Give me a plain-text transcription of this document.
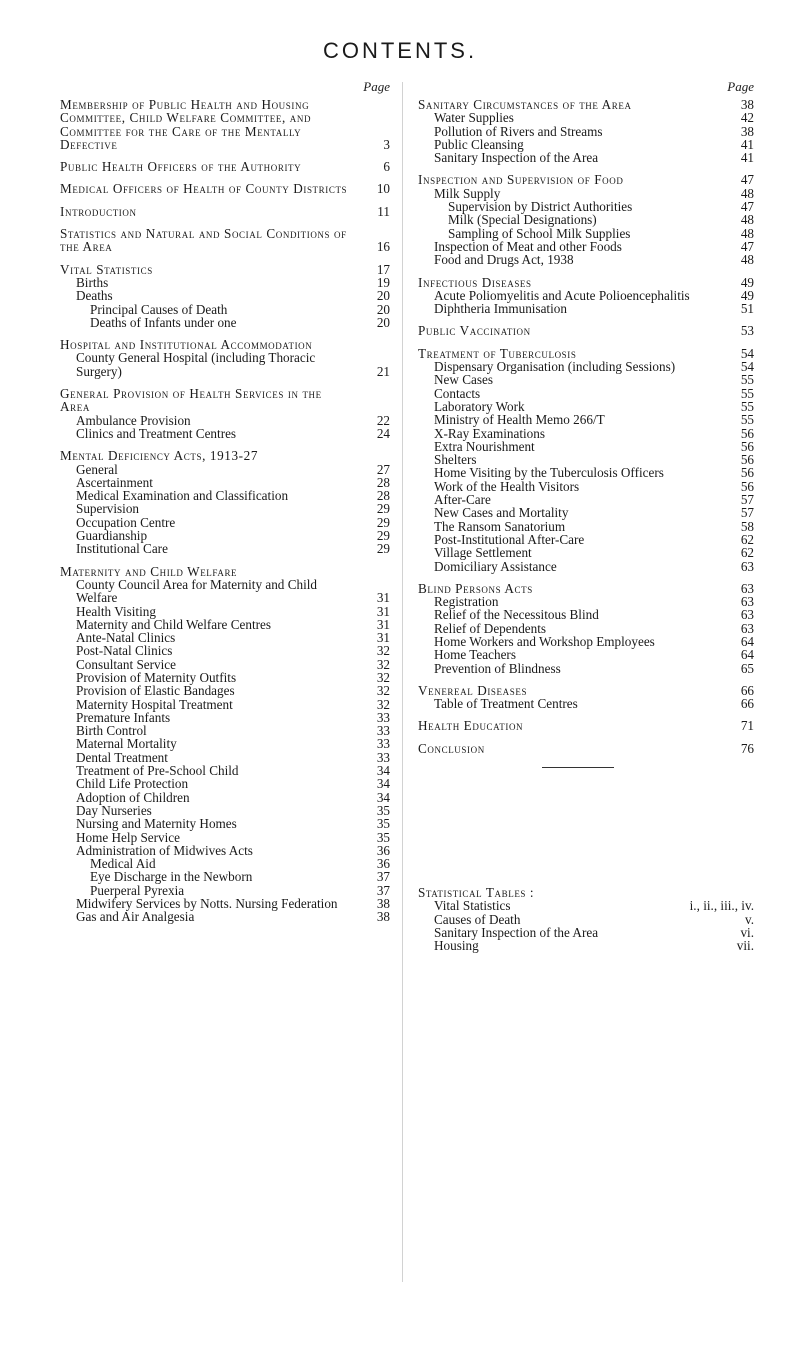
CONTENTS.
Page
Membership of Public Health and Housing Committee, Child Welfare Committee, and Committee for the Care of the Mentally Defective	3
Public Health Officers of the Authority	6
Medical Officers of Health of County Districts	10
Introduction	11
Statistics and Natural and Social Conditions of the Area	16
Vital Statistics	17
Births	19
Deaths	20
Principal Causes of Death	20
Deaths of Infants under one	20
Hospital and Institutional Accommodation
County General Hospital (including Thoracic Surgery)	21
General Provision of Health Services in the Area
Ambulance Provision	22
Clinics and Treatment Centres	24
Mental Deficiency Acts, 1913-27
General	27
Ascertainment	28
Medical Examination and Classification	28
Supervision	29
Occupation Centre	29
Guardianship	29
Institutional Care	29
Maternity and Child Welfare
County Council Area for Maternity and Child Welfare	31
Health Visiting	31
Maternity and Child Welfare Centres	31
Ante-Natal Clinics	31
Post-Natal Clinics	32
Consultant Service	32
Provision of Maternity Outfits	32
Provision of Elastic Bandages	32
Maternity Hospital Treatment	32
Premature Infants	33
Birth Control	33
Maternal Mortality	33
Dental Treatment	33
Treatment of Pre-School Child	34
Child Life Protection	34
Adoption of Children	34
Day Nurseries	35
Nursing and Maternity Homes	35
Home Help Service	35
Administration of Midwives Acts	36
Medical Aid	36
Eye Discharge in the Newborn	37
Puerperal Pyrexia	37
Midwifery Services by Notts. Nursing Federation	38
Gas and Air Analgesia	38
Page
Sanitary Circumstances of the Area	38
Water Supplies	42
Pollution of Rivers and Streams	38
Public Cleansing	41
Sanitary Inspection of the Area	41
Inspection and Supervision of Food	47
Milk Supply	48
Supervision by District Authorities	47
Milk (Special Designations)	48
Sampling of School Milk Supplies	48
Inspection of Meat and other Foods	47
Food and Drugs Act, 1938	48
Infectious Diseases	49
Acute Poliomyelitis and Acute Polioencephalitis	49
Diphtheria Immunisation	51
Public Vaccination	53
Treatment of Tuberculosis	54
Dispensary Organisation (including Sessions)	54
New Cases	55
Contacts	55
Laboratory Work	55
Ministry of Health Memo 266/T	55
X-Ray Examinations	56
Extra Nourishment	56
Shelters	56
Home Visiting by the Tuberculosis Officers	56
Work of the Health Visitors	56
After-Care	57
New Cases and Mortality	57
The Ransom Sanatorium	58
Post-Institutional After-Care	62
Village Settlement	62
Domiciliary Assistance	63
Blind Persons Acts	63
Registration	63
Relief of the Necessitous Blind	63
Relief of Dependents	63
Home Workers and Workshop Employees	64
Home Teachers	64
Prevention of Blindness	65
Venereal Diseases	66
Table of Treatment Centres	66
Health Education	71
Conclusion	76
Statistical Tables :
Vital Statistics	i., ii., iii., iv.
Causes of Death	v.
Sanitary Inspection of the Area	vi.
Housing	vii.
